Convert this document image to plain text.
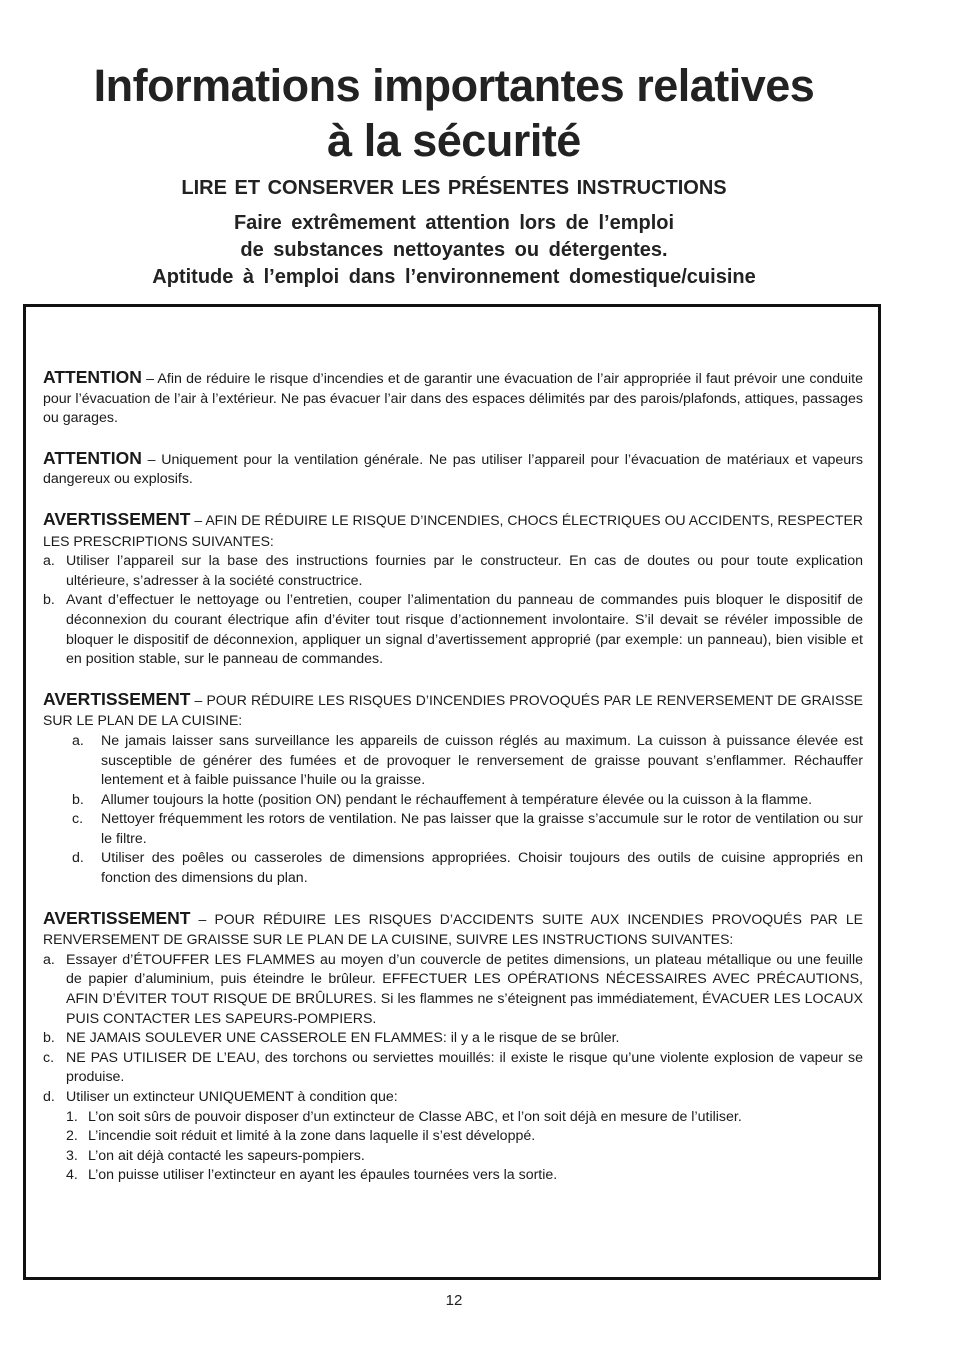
Informations importantes relatives
à la sécurité
LIRE ET CONSERVER LES PRÉSENTES INSTRUCTIONS
Faire extrêmement attention lors de l’emploi
de substances nettoyantes ou détergentes.
Aptitude à l’emploi dans l’environnement domestique/cuisine

ATTENTION – Afin de réduire le risque d’incendies et de garantir une évacuation de l’air appropriée il faut prévoir une conduite pour l’évacuation de l’air à l’extérieur. Ne pas évacuer l’air dans des espaces délimités par des parois/plafonds, attiques, passages ou garages.

ATTENTION – Uniquement pour la ventilation générale. Ne pas utiliser l’appareil pour l’évacuation de matériaux et vapeurs dangereux ou explosifs.

AVERTISSEMENT – AFIN DE RÉDUIRE LE RISQUE D’INCENDIES, CHOCS ÉLECTRIQUES OU ACCIDENTS, RESPECTER LES PRESCRIPTIONS SUIVANTES:

a. Utiliser l’appareil sur la base des instructions fournies par le constructeur. En cas de doutes ou pour toute explication ultérieure, s’adresser à la société constructrice.
b. Avant d’effectuer le nettoyage ou l’entretien, couper l’alimentation du panneau de commandes puis bloquer le dispositif de déconnexion du courant électrique afin d’éviter tout risque d’actionnement involontaire. S’il devait se révéler impossible de bloquer le dispositif de déconnexion, appliquer un signal d’avertissement approprié (par exemple: un panneau), bien visible et en position stable, sur le panneau de commandes.

AVERTISSEMENT – POUR RÉDUIRE LES RISQUES D’INCENDIES PROVOQUÉS PAR LE RENVERSEMENT DE GRAISSE SUR LE PLAN DE LA CUISINE:

a. Ne jamais laisser sans surveillance les appareils de cuisson réglés au maximum. La cuisson à puissance élevée est susceptible de générer des fumées et de provoquer le renversement de graisse pouvant s’enflammer. Réchauffer lentement et à faible puissance l’huile ou la graisse.
b. Allumer toujours la hotte (position ON) pendant le réchauffement à température élevée ou la cuisson à la flamme.
c. Nettoyer fréquemment les rotors de ventilation. Ne pas laisser que la graisse s’accumule sur le rotor de ventilation ou sur le filtre.
d. Utiliser des poêles ou casseroles de dimensions appropriées. Choisir toujours des outils de cuisine appropriés en fonction des dimensions du plan.

AVERTISSEMENT – POUR RÉDUIRE LES RISQUES D’ACCIDENTS SUITE AUX INCENDIES PROVOQUÉS PAR LE RENVERSEMENT DE GRAISSE SUR LE PLAN DE LA CUISINE, SUIVRE LES INSTRUCTIONS SUIVANTES:

a. Essayer d’ÉTOUFFER LES FLAMMES au moyen d’un couvercle de petites dimensions, un plateau métallique ou une feuille de papier d’aluminium, puis éteindre le brûleur. EFFECTUER LES OPÉRATIONS NÉCESSAIRES AVEC PRÉCAUTIONS, AFIN D’ÉVITER TOUT RISQUE DE BRÛLURES. Si les flammes ne s’éteignent pas immédiatement, ÉVACUER LES LOCAUX PUIS CONTACTER LES SAPEURS-POMPIERS.
b. NE JAMAIS SOULEVER UNE CASSEROLE EN FLAMMES: il y a le risque de se brûler.
c. NE PAS UTILISER DE L’EAU, des torchons ou serviettes mouillés: il existe le risque qu’une violente explosion de vapeur se produise.
d. Utiliser un extincteur UNIQUEMENT à condition que:
1. L’on soit sûrs de pouvoir disposer d’un extincteur de Classe ABC, et l’on soit déjà en mesure de l’utiliser.
2. L’incendie soit réduit et limité à la zone dans laquelle il s’est développé.
3. L’on ait déjà contacté les sapeurs-pompiers.
4. L’on puisse utiliser l’extincteur en ayant les épaules tournées vers la sortie.
12
